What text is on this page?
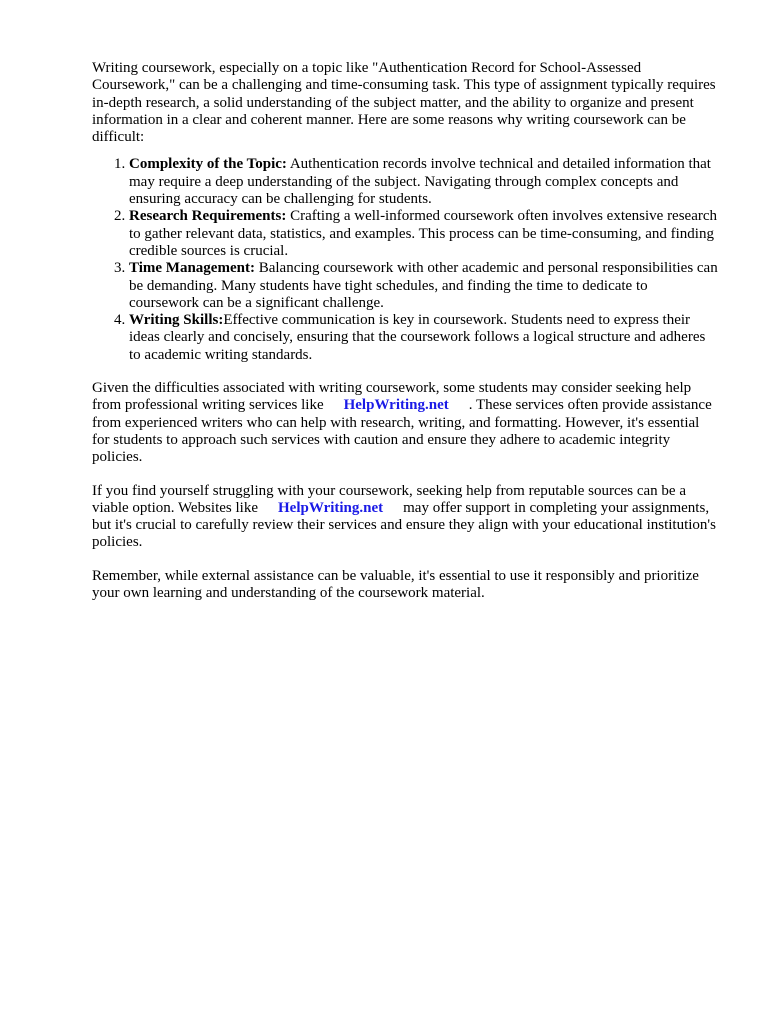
Writing coursework, especially on a topic like "Authentication Record for School-Assessed Coursework," can be a challenging and time-consuming task. This type of assignment typically requires in-depth research, a solid understanding of the subject matter, and the ability to organize and present information in a clear and coherent manner. Here are some reasons why writing coursework can be difficult:

1. Complexity of the Topic: Authentication records involve technical and detailed information that may require a deep understanding of the subject. Navigating through complex concepts and ensuring accuracy can be challenging for students.
2. Research Requirements: Crafting a well-informed coursework often involves extensive research to gather relevant data, statistics, and examples. This process can be time-consuming, and finding credible sources is crucial.
3. Time Management: Balancing coursework with other academic and personal responsibilities can be demanding. Many students have tight schedules, and finding the time to dedicate to coursework can be a significant challenge.
4. Writing Skills:Effective communication is key in coursework. Students need to express their ideas clearly and concisely, ensuring that the coursework follows a logical structure and adheres to academic writing standards.

Given the difficulties associated with writing coursework, some students may consider seeking help from professional writing services like HelpWriting.net . These services often provide assistance from experienced writers who can help with research, writing, and formatting. However, it's essential for students to approach such services with caution and ensure they adhere to academic integrity policies.

If you find yourself struggling with your coursework, seeking help from reputable sources can be a viable option. Websites like HelpWriting.net may offer support in completing your assignments, but it's crucial to carefully review their services and ensure they align with your educational institution's policies.

Remember, while external assistance can be valuable, it's essential to use it responsibly and prioritize your own learning and understanding of the coursework material.
